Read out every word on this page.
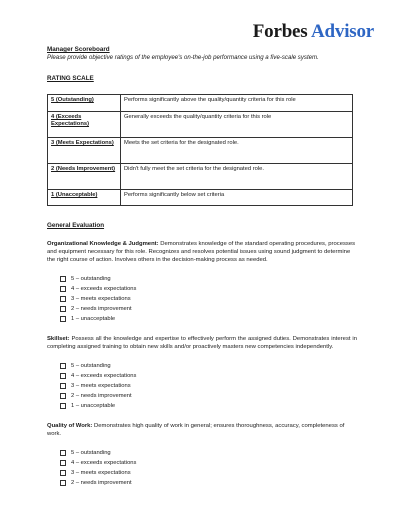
Forbes Advisor

Manager Scoreboard

Please provide objective ratings of the employee's on-the-job performance using a five-scale system.

RATING SCALE

5 (Outstanding)	Performs significantly above the quality/quantity criteria for this role
4 (Exceeds Expectations)	Generally exceeds the quality/quantity criteria for this role
3 (Meets Expectations)	Meets the set criteria for the designated role.
2 (Needs Improvement)	Didn't fully meet the set criteria for the designated role.
1 (Unacceptable)	Performs significantly below set criteria

General Evaluation

Organizational Knowledge & Judgment: Demonstrates knowledge of the standard operating procedures, processes and equipment necessary for this role. Recognizes and resolves potential issues using sound judgment to determine the right course of action. Involves others in the decision-making process as needed.

5 – outstanding
4 – exceeds expectations
3 – meets expectations
2 – needs improvement
1 – unacceptable

Skillset: Possess all the knowledge and expertise to effectively perform the assigned duties. Demonstrates interest in completing assigned training to obtain new skills and/or proactively masters new competencies independently.

5 – outstanding
4 – exceeds expectations
3 – meets expectations
2 – needs improvement
1 – unacceptable

Quality of Work: Demonstrates high quality of work in general; ensures thoroughness, accuracy, completeness of work.

5 – outstanding
4 – exceeds expectations
3 – meets expectations
2 – needs improvement
